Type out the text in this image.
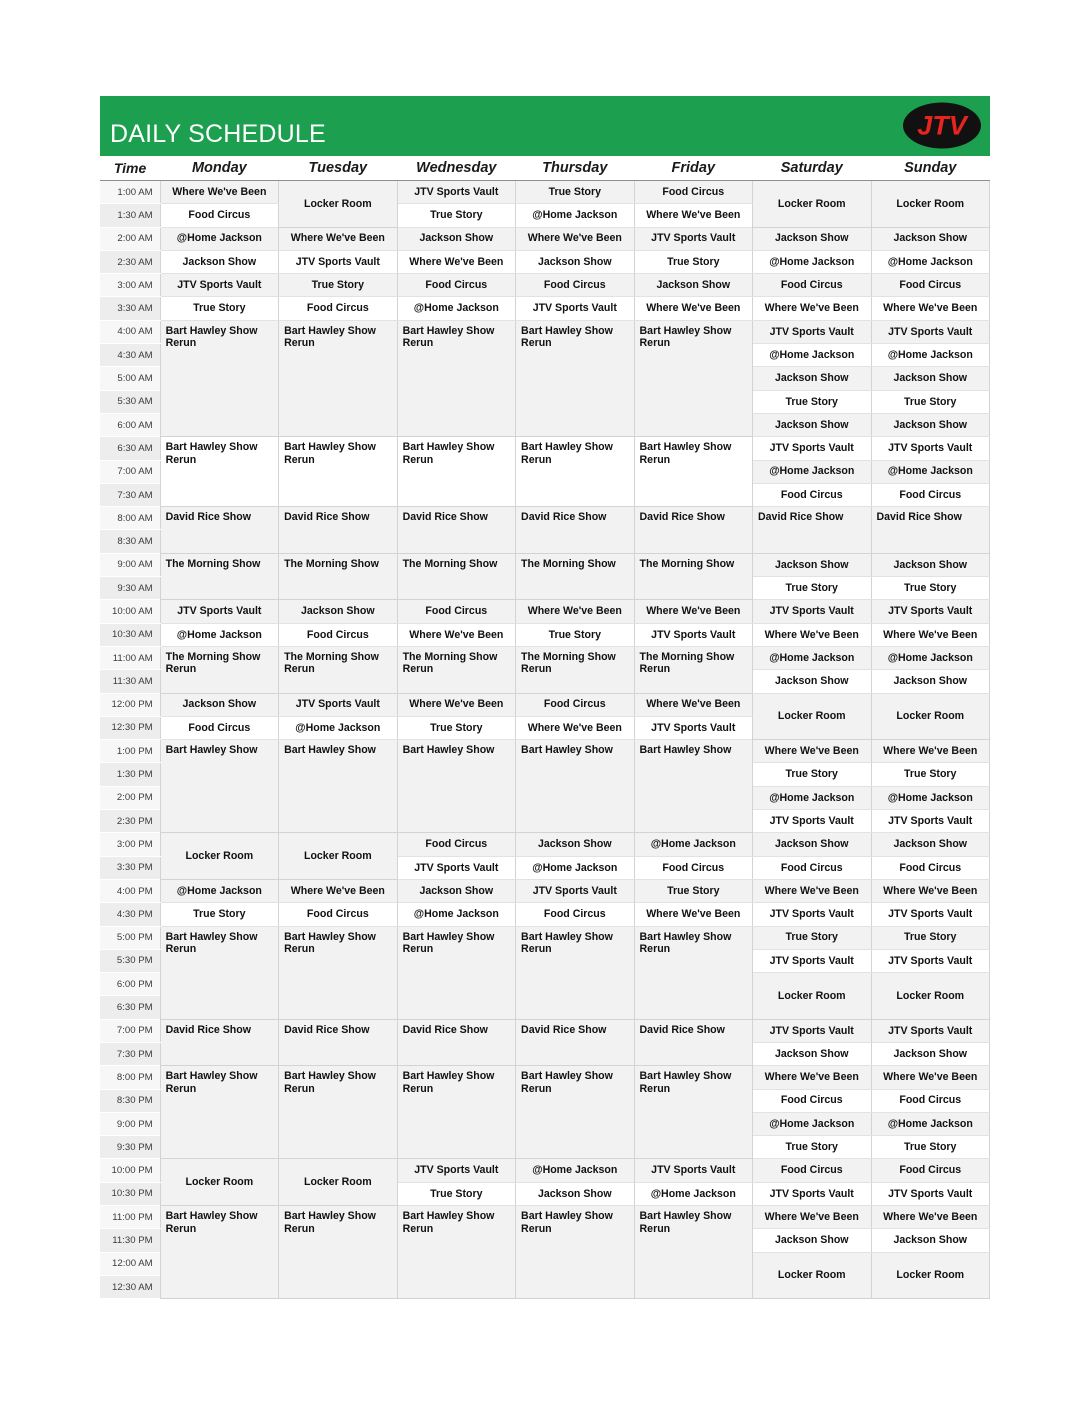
DAILY SCHEDULE	JTV
Time	Monday	Tuesday	Wednesday	Thursday	Friday	Saturday	Sunday
1:00 AM	Where We've Been	Locker Room	JTV Sports Vault	True Story	Food Circus	Locker Room	Locker Room
1:30 AM	Food Circus		True Story	@Home Jackson	Where We've Been		
2:00 AM	@Home Jackson	Where We've Been	Jackson Show	Where We've Been	JTV Sports Vault	Jackson Show	Jackson Show
2:30 AM	Jackson Show	JTV Sports Vault	Where We've Been	Jackson Show	True Story	@Home Jackson	@Home Jackson
3:00 AM	JTV Sports Vault	True Story	Food Circus	Food Circus	Jackson Show	Food Circus	Food Circus
3:30 AM	True Story	Food Circus	@Home Jackson	JTV Sports Vault	Where We've Been	Where We've Been	Where We've Been
4:00 AM	Bart Hawley Show Rerun	Bart Hawley Show Rerun	Bart Hawley Show Rerun	Bart Hawley Show Rerun	Bart Hawley Show Rerun	JTV Sports Vault	JTV Sports Vault
4:30 AM						@Home Jackson	@Home Jackson
5:00 AM						Jackson Show	Jackson Show
5:30 AM						True Story	True Story
6:00 AM						Jackson Show	Jackson Show
6:30 AM	Bart Hawley Show Rerun	Bart Hawley Show Rerun	Bart Hawley Show Rerun	Bart Hawley Show Rerun	Bart Hawley Show Rerun	JTV Sports Vault	JTV Sports Vault
7:00 AM						@Home Jackson	@Home Jackson
7:30 AM						Food Circus	Food Circus
8:00 AM	David Rice Show	David Rice Show	David Rice Show	David Rice Show	David Rice Show	David Rice Show	David Rice Show
8:30 AM							
9:00 AM	The Morning Show	The Morning Show	The Morning Show	The Morning Show	The Morning Show	Jackson Show	Jackson Show
9:30 AM						True Story	True Story
10:00 AM	JTV Sports Vault	Jackson Show	Food Circus	Where We've Been	Where We've Been	JTV Sports Vault	JTV Sports Vault
10:30 AM	@Home Jackson	Food Circus	Where We've Been	True Story	JTV Sports Vault	Where We've Been	Where We've Been
11:00 AM	The Morning Show Rerun	The Morning Show Rerun	The Morning Show Rerun	The Morning Show Rerun	The Morning Show Rerun	@Home Jackson	@Home Jackson
11:30 AM						Jackson Show	Jackson Show
12:00 PM	Jackson Show	JTV Sports Vault	Where We've Been	Food Circus	Where We've Been	Locker Room	Locker Room
12:30 PM	Food Circus	@Home Jackson	True Story	Where We've Been	JTV Sports Vault		
1:00 PM	Bart Hawley Show	Bart Hawley Show	Bart Hawley Show	Bart Hawley Show	Bart Hawley Show	Where We've Been	Where We've Been
1:30 PM						True Story	True Story
2:00 PM						@Home Jackson	@Home Jackson
2:30 PM						JTV Sports Vault	JTV Sports Vault
3:00 PM	Locker Room	Locker Room	Food Circus	Jackson Show	@Home Jackson	Jackson Show	Jackson Show
3:30 PM			JTV Sports Vault	@Home Jackson	Food Circus	Food Circus	Food Circus
4:00 PM	@Home Jackson	Where We've Been	Jackson Show	JTV Sports Vault	True Story	Where We've Been	Where We've Been
4:30 PM	True Story	Food Circus	@Home Jackson	Food Circus	Where We've Been	JTV Sports Vault	JTV Sports Vault
5:00 PM	Bart Hawley Show Rerun	Bart Hawley Show Rerun	Bart Hawley Show Rerun	Bart Hawley Show Rerun	Bart Hawley Show Rerun	True Story	True Story
5:30 PM						JTV Sports Vault	JTV Sports Vault
6:00 PM						Locker Room	Locker Room
6:30 PM							
7:00 PM	David Rice Show	David Rice Show	David Rice Show	David Rice Show	David Rice Show	JTV Sports Vault	JTV Sports Vault
7:30 PM						Jackson Show	Jackson Show
8:00 PM	Bart Hawley Show Rerun	Bart Hawley Show Rerun	Bart Hawley Show Rerun	Bart Hawley Show Rerun	Bart Hawley Show Rerun	Where We've Been	Where We've Been
8:30 PM						Food Circus	Food Circus
9:00 PM						@Home Jackson	@Home Jackson
9:30 PM						True Story	True Story
10:00 PM	Locker Room	Locker Room	JTV Sports Vault	@Home Jackson	JTV Sports Vault	Food Circus	Food Circus
10:30 PM			True Story	Jackson Show	@Home Jackson	JTV Sports Vault	JTV Sports Vault
11:00 PM	Bart Hawley Show Rerun	Bart Hawley Show Rerun	Bart Hawley Show Rerun	Bart Hawley Show Rerun	Bart Hawley Show Rerun	Where We've Been	Where We've Been
11:30 PM						Jackson Show	Jackson Show
12:00 AM						Locker Room	Locker Room
12:30 AM							
